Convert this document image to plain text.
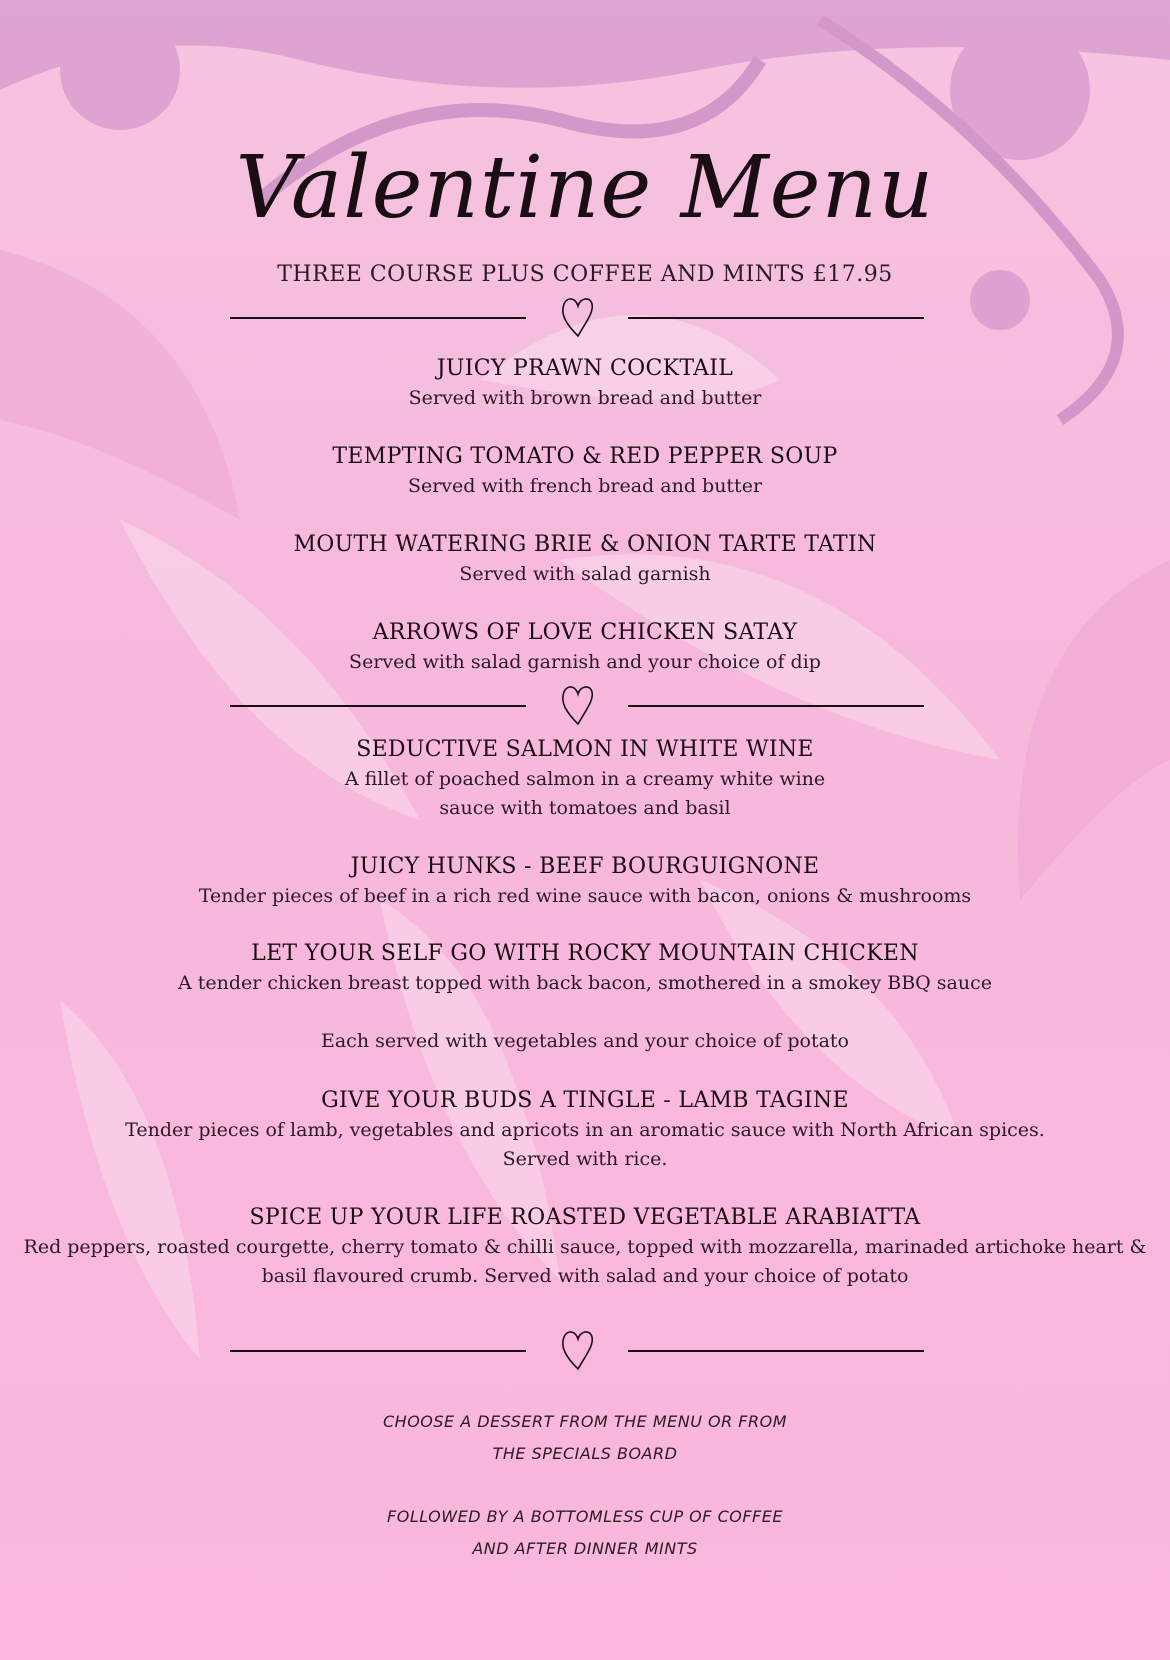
Valentine Menu
THREE COURSE PLUS COFFEE AND MINTS £17.95
JUICY PRAWN COCKTAIL

Served with brown bread and butter

TEMPTING TOMATO & RED PEPPER SOUP

Served with french bread and butter

MOUTH WATERING BRIE & ONION TARTE TATIN

Served with salad garnish

ARROWS OF LOVE CHICKEN SATAY

Served with salad garnish and your choice of dip

SEDUCTIVE SALMON IN WHITE WINE

A fillet of poached salmon in a creamy white wine

sauce with tomatoes and basil

JUICY HUNKS - BEEF BOURGUIGNONE

Tender pieces of beef in a rich red wine sauce with bacon, onions & mushrooms

LET YOUR SELF GO WITH ROCKY MOUNTAIN CHICKEN

A tender chicken breast topped with back bacon, smothered in a smokey BBQ sauce

Each served with vegetables and your choice of potato
GIVE YOUR BUDS A TINGLE - LAMB TAGINE

Tender pieces of lamb, vegetables and apricots in an aromatic sauce with North African spices.

Served with rice.

SPICE UP YOUR LIFE ROASTED VEGETABLE ARABIATTA

Red peppers, roasted courgette, cherry tomato & chilli sauce, topped with mozzarella, marinaded artichoke heart &

basil flavoured crumb. Served with salad and your choice of potato

CHOOSE A DESSERT FROM THE MENU OR FROM
THE SPECIALS BOARD
FOLLOWED BY A BOTTOMLESS CUP OF COFFEE
AND AFTER DINNER MINTS
